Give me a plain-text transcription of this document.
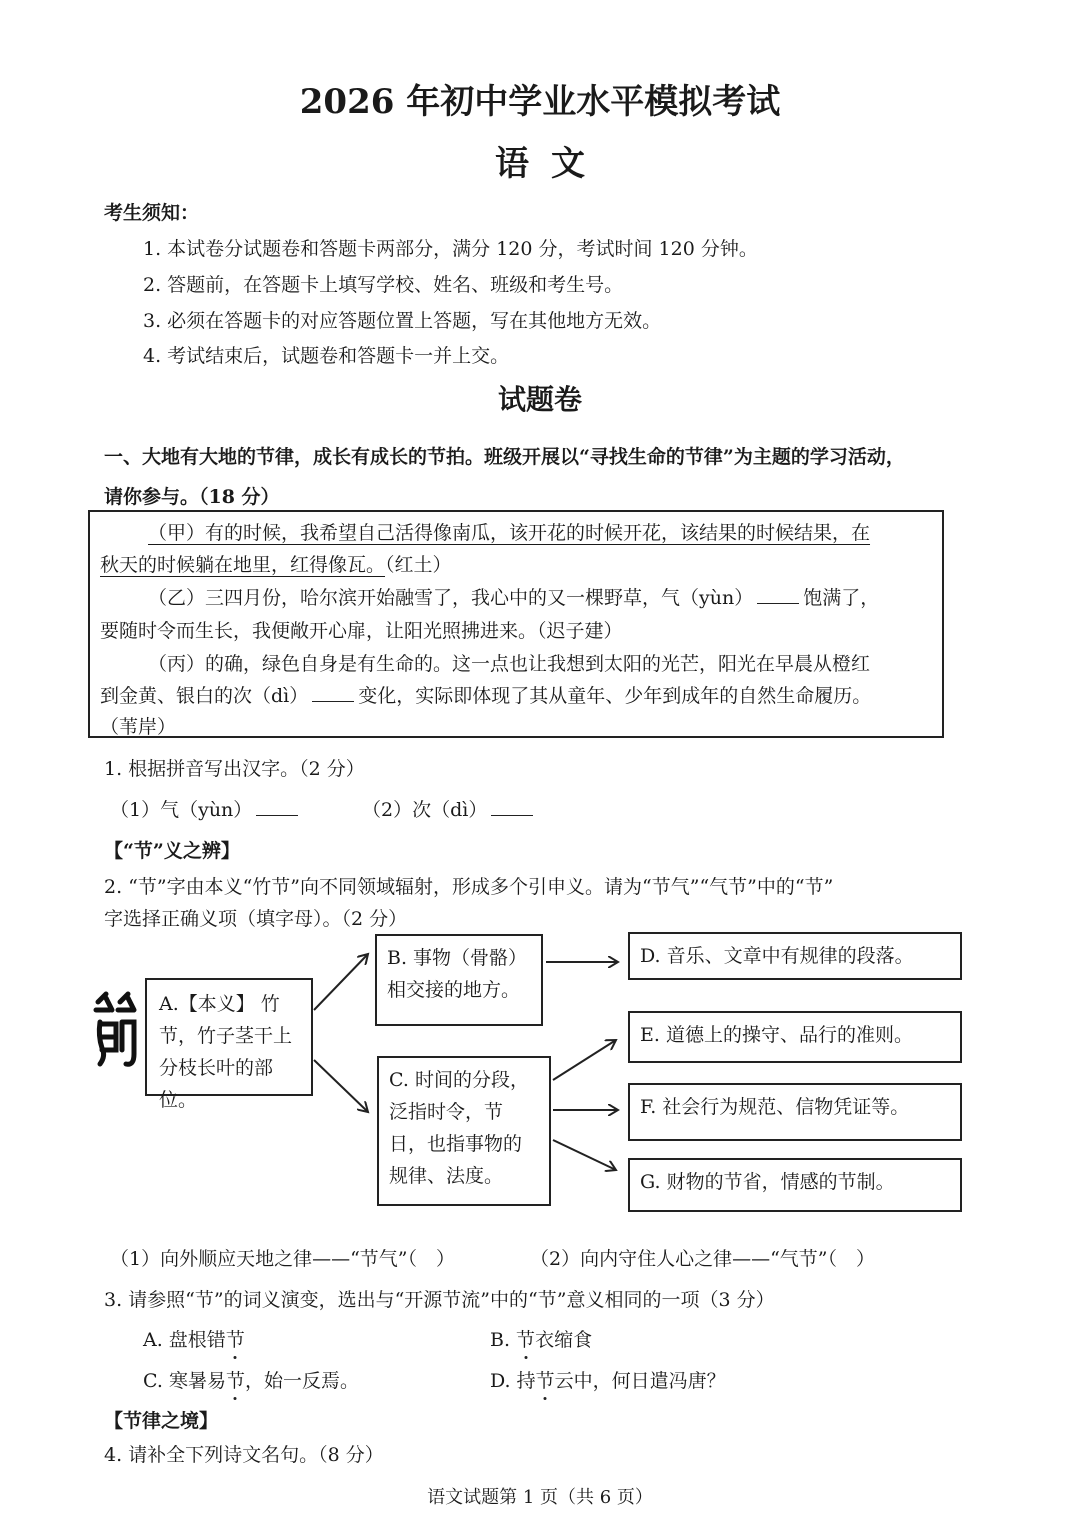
2026 年初中学业水平模拟考试
语文
考生须知：
1. 本试卷分试题卷和答题卡两部分，满分 120 分，考试时间 120 分钟。
2. 答题前，在答题卡上填写学校、姓名、班级和考生号。
3. 必须在答题卡的对应答题位置上答题，写在其他地方无效。
4. 考试结束后，试题卷和答题卡一并上交。
试题卷
一、大地有大地的节律，成长有成长的节拍。班级开展以“寻找生命的节律”为主题的学习活动，
请你参与。（18 分）
（甲）有的时候，我希望自己活得像南瓜，该开花的时候开花，该结果的时候结果，在
秋天的时候躺在地里，红得像瓦。（红土）
（乙）三四月份，哈尔滨开始融雪了，我心中的又一棵野草，气（yùn）	饱满了，
要随时令而生长，我便敞开心扉，让阳光照拂进来。（迟子建）
（丙）的确，绿色自身是有生命的。这一点也让我想到太阳的光芒，阳光在早晨从橙红
到金黄、银白的次（dì）	变化，实际即体现了其从童年、少年到成年的自然生命履历。
（苇岸）
1. 根据拼音写出汉字。（2 分）
（1）气（yùn）	（2）次（dì）
【“节”义之辨】
2. “节”字由本义“竹节”向不同领域辐射，形成多个引申义。请为“节气”“气节”中的“节”
字选择正确义项（填字母）。（2 分）
A.【本义】 竹节，竹子茎干上分枝长叶的部位。
B. 事物（骨骼）相交接的地方。
C. 时间的分段，泛指时令，节日，也指事物的规律、法度。
D. 音乐、文章中有规律的段落。
E. 道德上的操守、品行的准则。
F. 社会行为规范、信物凭证等。
G. 财物的节省，情感的节制。
（1）向外顺应天地之律——“节气”（　）	（2）向内守住人心之律——“气节”（　）
3. 请参照“节”的词义演变，选出与“开源节流”中的“节”意义相同的一项（3 分）
A. 盘根错节	B. 节衣缩食
C. 寒暑易节，始一反焉。	D. 持节云中，何日遣冯唐？
【节律之境】
4. 请补全下列诗文名句。（8 分）
语文试题第 1 页（共 6 页）
